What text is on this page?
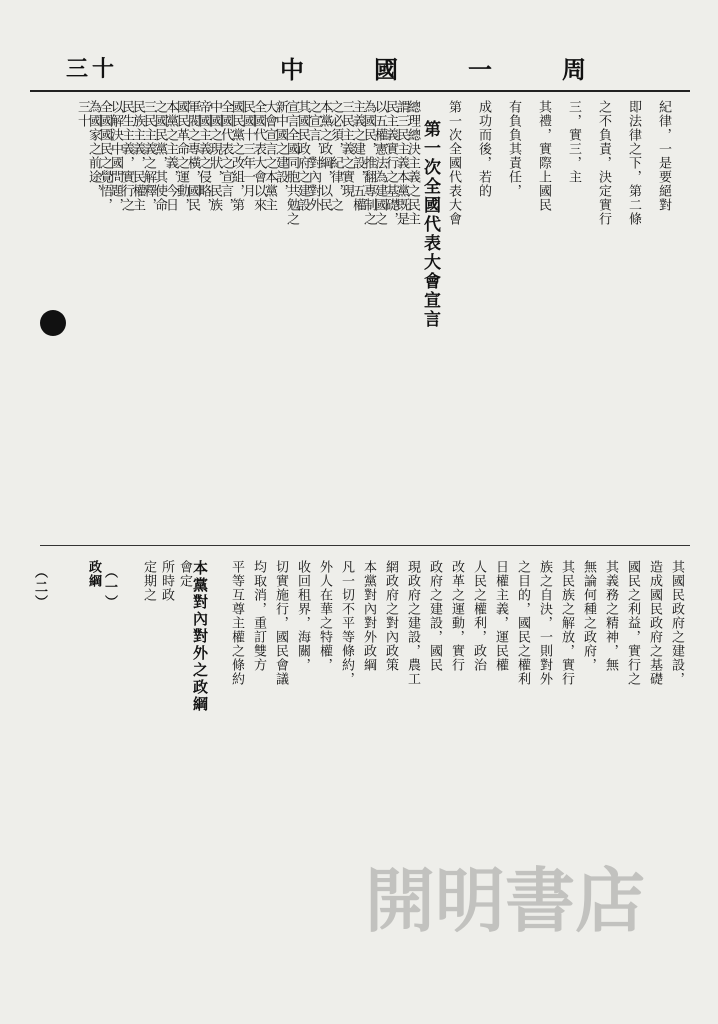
三十	中國一周
第一次全國代表大會宣言	紀律，一是要絕對
即法律之下，第二條
之不負責，決定實行
三，實三，主
其禮，實際上國民
有負負其責任，
成功而後，若的
第一次全國代表大會
總理總決主義之民主
謂三民主義本黨既是
民主義實行之基礎，
以五權憲法為建國之
為國民，推翻專制之
主義之建設，五權
三民主義之實現
之必須，紀律，之
本黨之政綱，以民
之宣言，對內對外
其國民政府之建設
宣言全國同胞共勉之
新中國之建設，
大會宣言之本黨主
全國代表大會以來
民國十三年一月
國民黨之改組，第
全國代表之宣言，
中國之現狀，民族
帝國主義之侵略，
軍閥之專橫，國民
國民革命之運動，
本黨之主義，今日
之國民黨，其使命
三民主義之解釋，
民族主義，民權主
民生主義，實行之
以解決中國問題，
全國國民之覺悟，
為國家之前途，
三十
本黨對內對外之政綱
（二）	（一）
政綱	定期之 所時政 會定	其國民政府之建設，
造成國民政府之基礎
國民之利益，實行之
其義務之精神，無
無論何種之政府，
其民族之解放，實行
族之自決，一則對外
之目的，國民之權利
日權主義，運民權
人民之權利，政治
改革之運動，實行
政府之建設，國民
現政府之建設，農工
網政府之對內政策
本黨對內對外政綱
凡一切不平等條約，
外人在華之特權，
收回租界，海關，
切實施行，國民會議
均取消，重訂雙方
平等互尊主權之條約
開明書店
